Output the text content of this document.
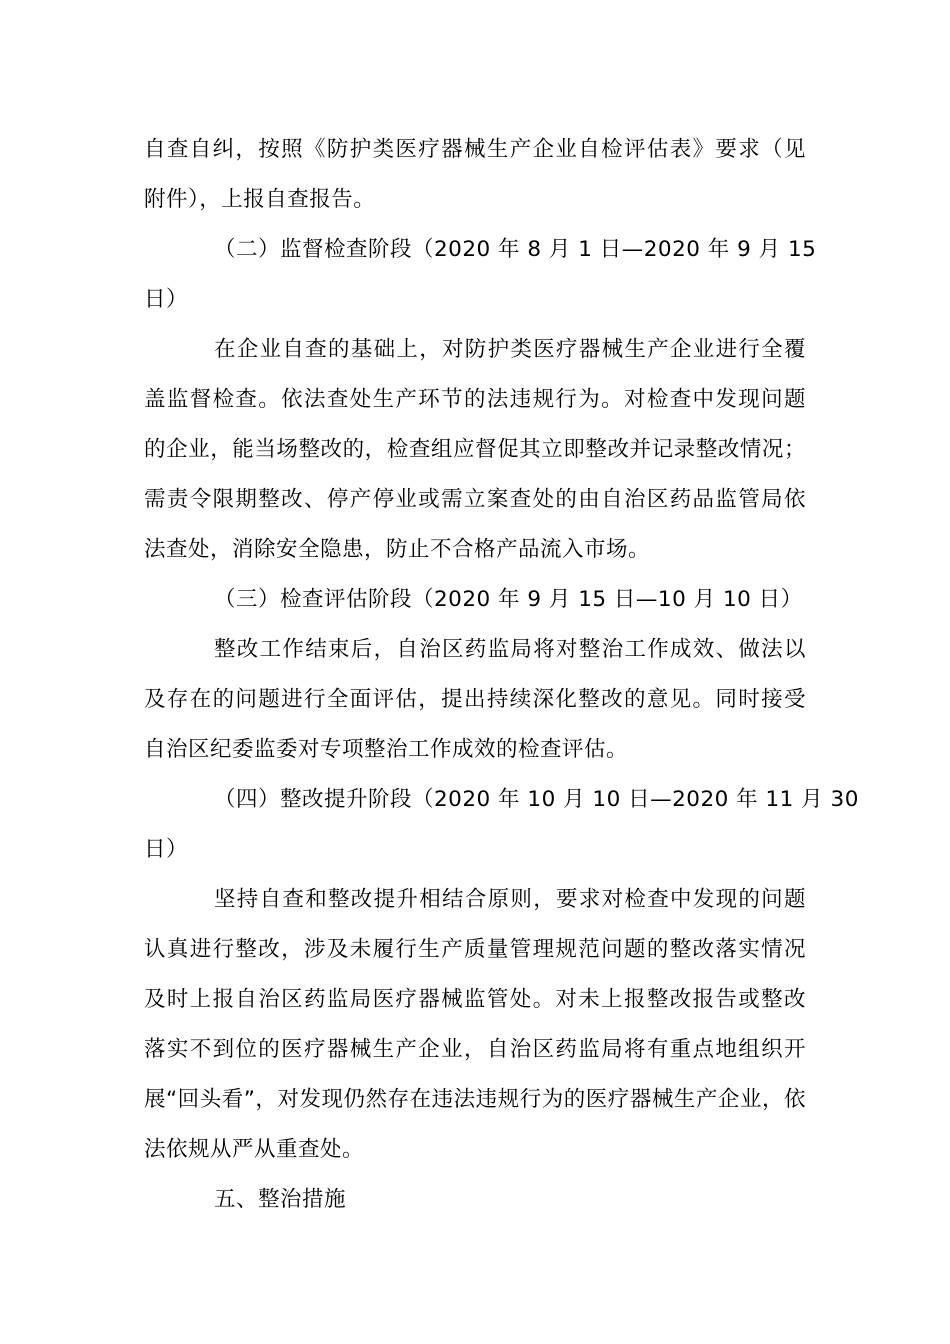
自查自纠，按照《防护类医疗器械生产企业自检评估表》要求（见
附件），上报自查报告。
（二）监督检查阶段（2020 年 8 月 1 日—2020 年 9 月 15
日）
在企业自查的基础上，对防护类医疗器械生产企业进行全覆
盖监督检查。依法查处生产环节的法违规行为。对检查中发现问题
的企业，能当场整改的，检查组应督促其立即整改并记录整改情况；
需责令限期整改、停产停业或需立案查处的由自治区药品监管局依
法查处，消除安全隐患，防止不合格产品流入市场。
（三）检查评估阶段（2020 年 9 月 15 日—10 月 10 日）
整改工作结束后，自治区药监局将对整治工作成效、做法以
及存在的问题进行全面评估，提出持续深化整改的意见。同时接受
自治区纪委监委对专项整治工作成效的检查评估。
（四）整改提升阶段（2020 年 10 月 10 日—2020 年 11 月 30
日）
坚持自查和整改提升相结合原则，要求对检查中发现的问题
认真进行整改，涉及未履行生产质量管理规范问题的整改落实情况
及时上报自治区药监局医疗器械监管处。对未上报整改报告或整改
落实不到位的医疗器械生产企业，自治区药监局将有重点地组织开
展“回头看”，对发现仍然存在违法违规行为的医疗器械生产企业，依
法依规从严从重查处。
五、整治措施
